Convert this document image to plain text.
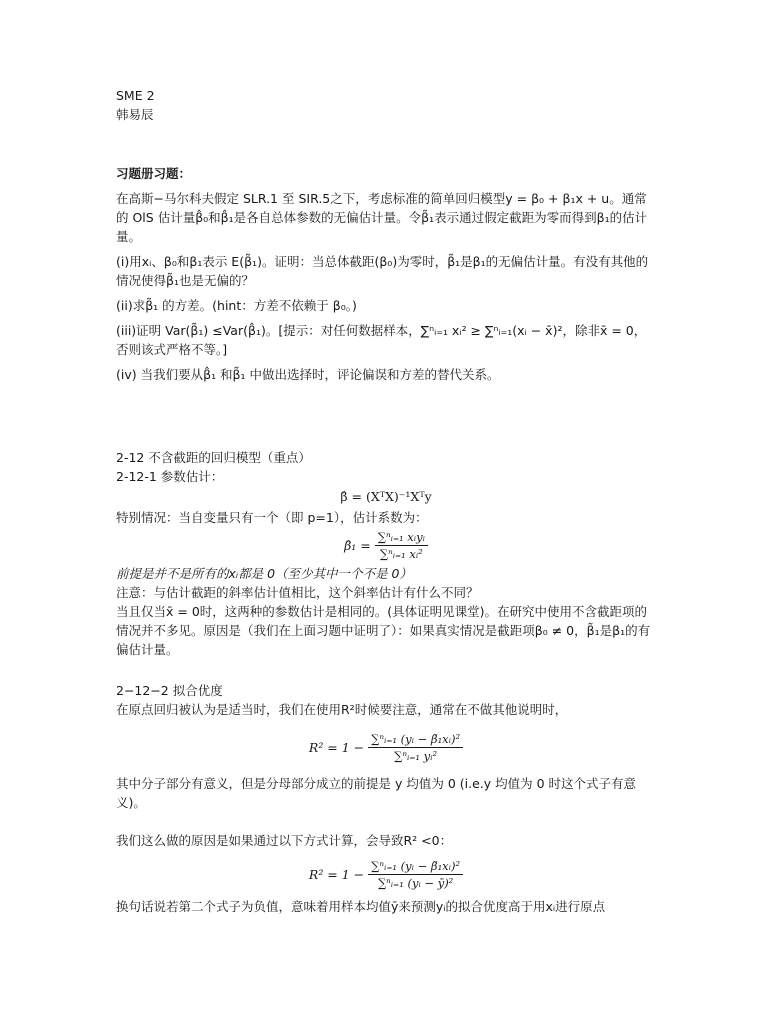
SME 2
韩易辰
习题册习题：
在高斯−马尔科夫假定 SLR.1 至 SIR.5之下，考虑标准的简单回归模型y = β₀ + β₁x + u。通常的 OlS 估计量β̂₀和β̂₁是各自总体参数的无偏估计量。令β̃₁表示通过假定截距为零而得到β₁的估计量。
(i)用xᵢ、β₀和β₁表示 E(β̃₁)。证明：当总体截距(β₀)为零时，β̃₁是β₁的无偏估计量。有没有其他的情况使得β̃₁也是无偏的？
(ii)求β̃₁ 的方差。(hint：方差不依赖于 β₀。)
(iii)证明 Var(β̃₁) ≤Var(β̂₁)。[提示：对任何数据样本，∑ⁿᵢ₌₁ xᵢ² ≥ ∑ⁿᵢ₌₁(xᵢ − x̄)²，除非x̄ = 0，否则该式严格不等。]
(iv) 当我们要从β̂₁ 和β̃₁ 中做出选择时，评论偏误和方差的替代关系。
2-12 不含截距的回归模型（重点）
2-12-1 参数估计：
β̂ = (XᵀX)⁻¹Xᵀy
特别情况：当自变量只有一个（即 p=1），估计系数为：
β̂₁ = $\frac{\text{∑ⁿᵢ₌₁ xᵢyᵢ}}{\text{∑ⁿᵢ₌₁ xᵢ²}}$
前提是并不是所有的xᵢ都是 0（至少其中一个不是 0）
注意：与估计截距的斜率估计值相比，这个斜率估计有什么不同？
当且仅当x̄ = 0时，这两种的参数估计是相同的。(具体证明见课堂)。在研究中使用不含截距项的情况并不多见。原因是（我们在上面习题中证明了）：如果真实情况是截距项β₀ ≠ 0，β̃₁是β₁的有偏估计量。
2−12−2 拟合优度
在原点回归被认为是适当时，我们在使用R²时候要注意，通常在不做其他说明时，
$R^2 = 1 - \frac{\text{∑ⁿᵢ₌₁ (yᵢ − β̃₁xᵢ)²}}{\text{∑ⁿᵢ₌₁ yᵢ²}}$
其中分子部分有意义，但是分母部分成立的前提是 y 均值为 0 (i.e.y 均值为 0 时这个式子有意义)。
我们这么做的原因是如果通过以下方式计算，会导致R² <0：
$R^2 = 1 - \frac{\text{∑ⁿᵢ₌₁ (yᵢ − β̃₁xᵢ)²}}{\text{∑ⁿᵢ₌₁ (yᵢ − ȳ)²}}$
换句话说若第二个式子为负值，意味着用样本均值ȳ来预测yᵢ的拟合优度高于用xᵢ进行原点
